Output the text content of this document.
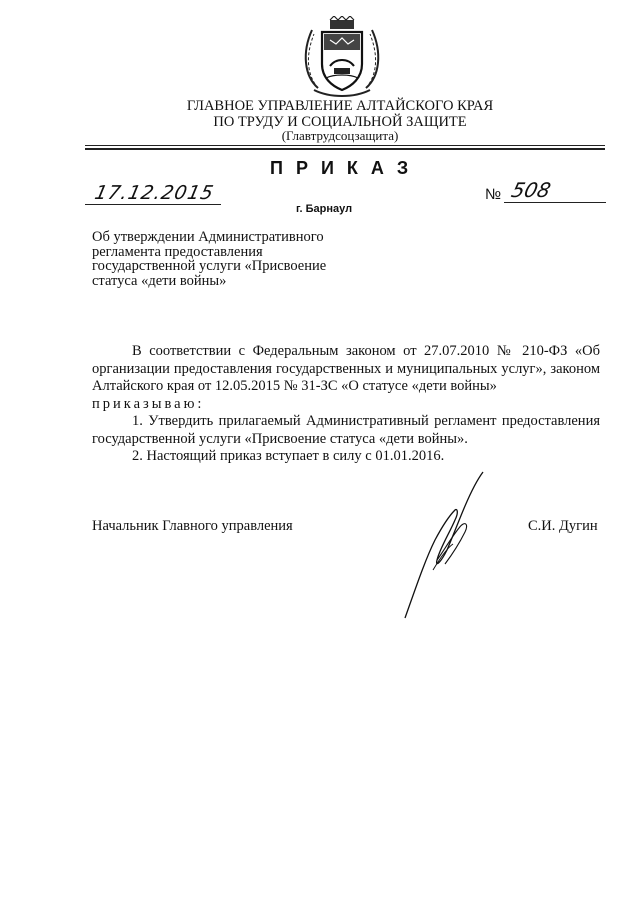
ГЛАВНОЕ УПРАВЛЕНИЕ АЛТАЙСКОГО КРАЯ
ПО ТРУДУ И СОЦИАЛЬНОЙ ЗАЩИТЕ
(Главтрудсоцзащита)
ПРИКАЗ
17.12.2015
г. Барнаул
№ 508
Об утверждении Административного регламента предоставления государственной услуги «Присвоение статуса «дети войны»

В соответствии с Федеральным законом от 27.07.2010 № 210-ФЗ «Об организации предоставления государственных и муниципальных услуг», законом Алтайского края от 12.05.2015 № 31-ЗС «О статусе «дети войны»

приказываю:

1. Утвердить прилагаемый Административный регламент предоставления государственной услуги «Присвоение статуса «дети войны».

2. Настоящий приказ вступает в силу с 01.01.2016.

Начальник Главного управления	С.И. Дугин
